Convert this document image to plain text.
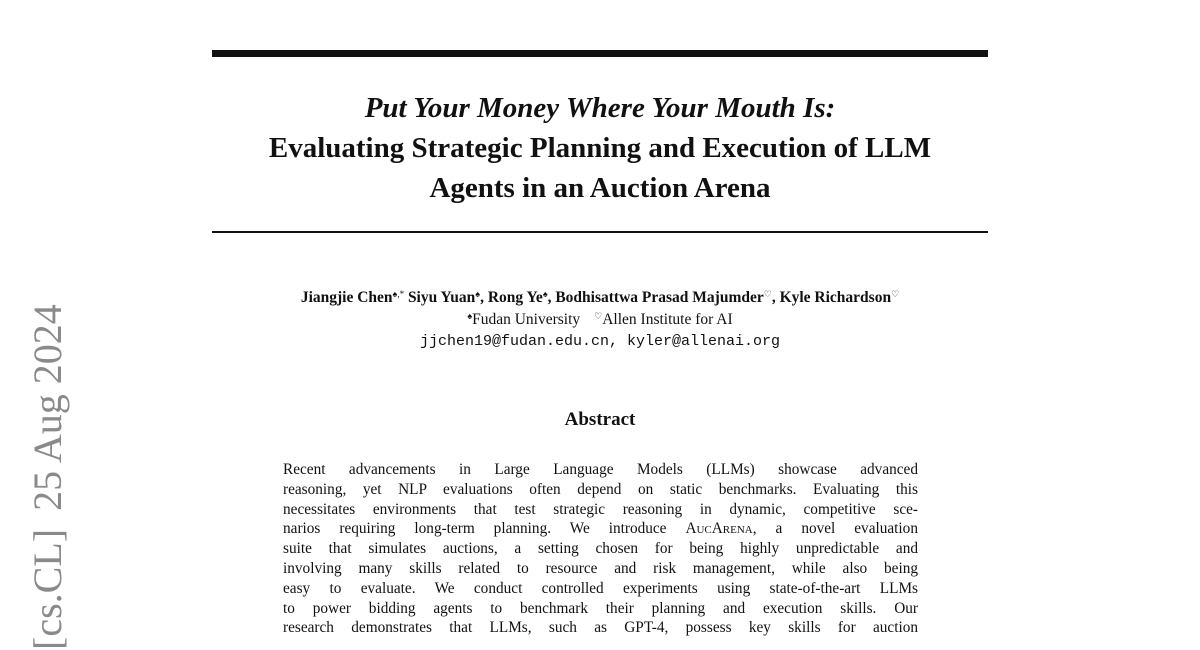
Put Your Money Where Your Mouth Is:
Evaluating Strategic Planning and Execution of LLM
Agents in an Auction Arena
Jiangjie Chen♠,* Siyu Yuan♠, Rong Ye♠, Bodhisattwa Prasad Majumder♡, Kyle Richardson♡
♠Fudan University ♡Allen Institute for AI
jjchen19@fudan.edu.cn, kyler@allenai.org
Abstract
Recent advancements in Large Language Models (LLMs) showcase advanced
reasoning, yet NLP evaluations often depend on static benchmarks. Evaluating this
necessitates environments that test strategic reasoning in dynamic, competitive sce-
narios requiring long-term planning. We introduce AucArena, a novel evaluation
suite that simulates auctions, a setting chosen for being highly unpredictable and
involving many skills related to resource and risk management, while also being
easy to evaluate. We conduct controlled experiments using state-of-the-art LLMs
to power bidding agents to benchmark their planning and execution skills. Our
research demonstrates that LLMs, such as GPT-4, possess key skills for auction
[cs.CL]25 Aug 2024
